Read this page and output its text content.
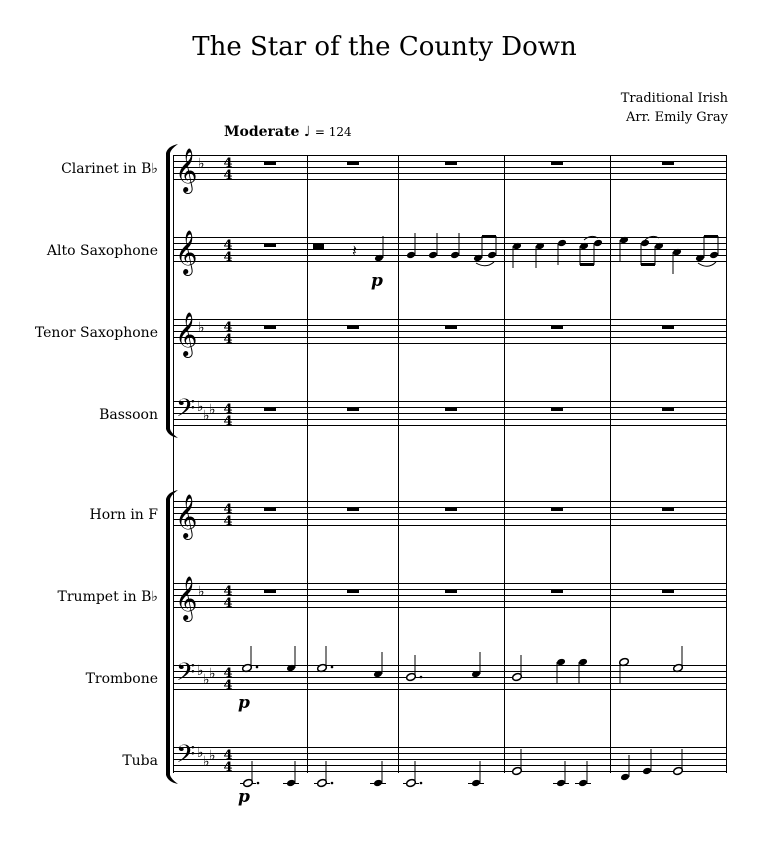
The Star of the County Down
Traditional Irish
Arr. Emily Gray
Moderate ♩ = 124
Clarinet in B♭
Alto Saxophone
Tenor Saxophone
Bassoon
Horn in F
Trumpet in B♭
Trombone
Tuba
𝄞
𝄞
𝄞
𝄞
𝄞
𝄢
𝄢
𝄢
♭
♭
♭
♭
♭ ♭
♭
♭ ♭
♭
♭ ♭
4
4
4
4
4
4
4
4
4
4
4
4
4
4
4
4
𝄽
p
p
p
